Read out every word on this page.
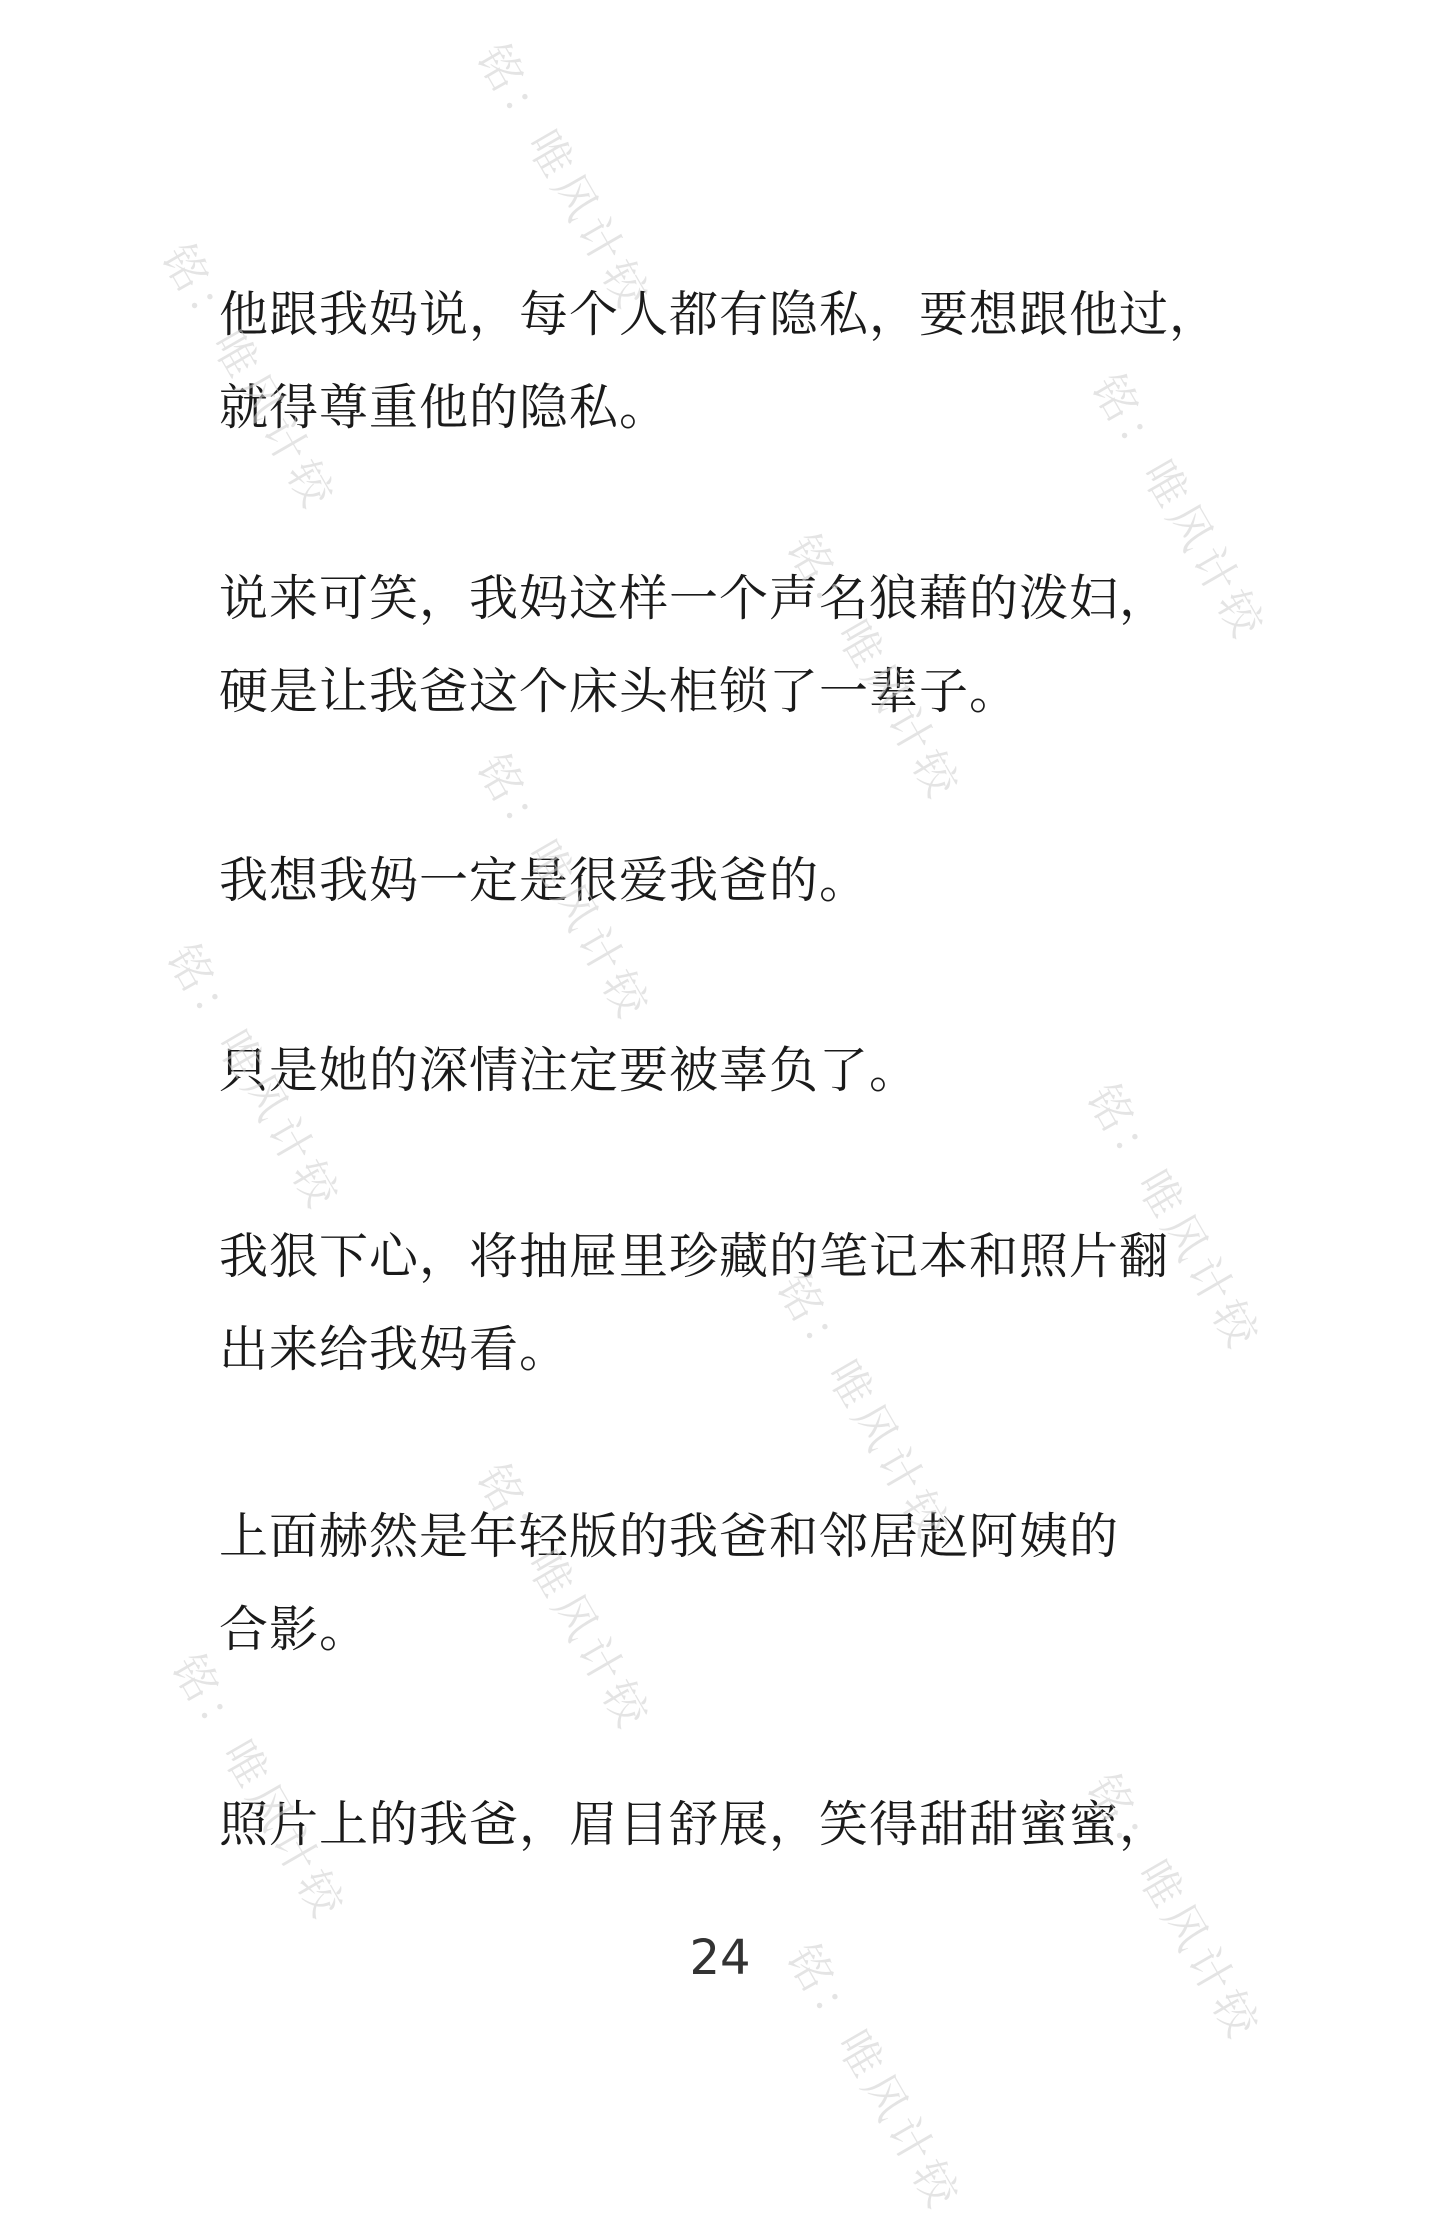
他跟我妈说，每个人都有隐私，要想跟他过，
就得尊重他的隐私。

说来可笑，我妈这样一个声名狼藉的泼妇，
硬是让我爸这个床头柜锁了一辈子。

我想我妈一定是很爱我爸的。

只是她的深情注定要被辜负了。

我狠下心，将抽屉里珍藏的笔记本和照片翻
出来给我妈看。

上面赫然是年轻版的我爸和邻居赵阿姨的
合影。

照片上的我爸，眉目舒展，笑得甜甜蜜蜜，

24
铭：唯风计较
铭：唯风计较	铭：唯风计较
铭：唯风计较
铭：唯风计较	铭：唯风计较
铭：唯风计较
铭：唯风计较
铭：唯风计较	铭：唯风计较
铭：唯风计较
铭：唯风计较
